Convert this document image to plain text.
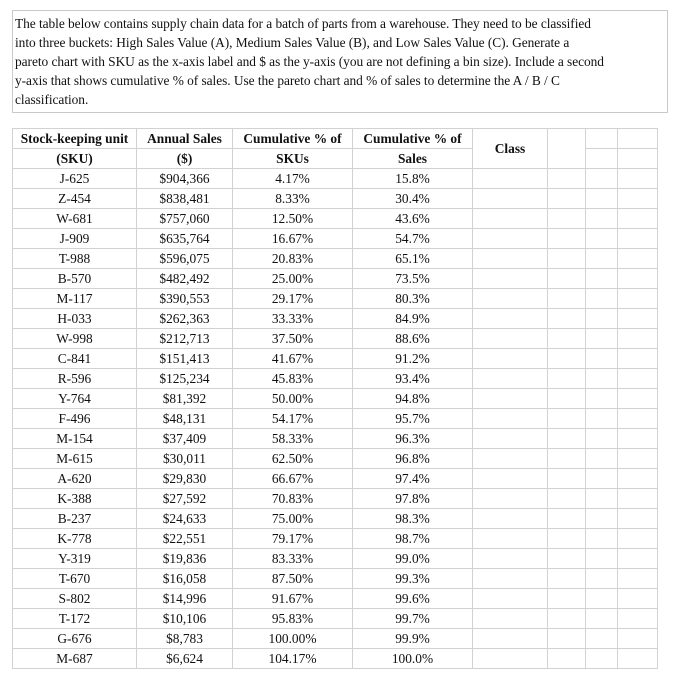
The table below contains supply chain data for a batch of parts from a warehouse. They need to be classified
into three buckets: High Sales Value (A), Medium Sales Value (B), and Low Sales Value (C). Generate a
pareto chart with SKU as the x-axis label and $ as the y-axis (you are not defining a bin size). Include a second
y-axis that shows cumulative % of sales. Use the pareto chart and % of sales to determine the A / B / C
classification.
Stock-keeping unit	Annual Sales	Cumulative % of	Cumulative % of	Class			
(SKU)	($)	SKUs	Sales				
J-625	$904,366	4.17%	15.8%				
Z-454	$838,481	8.33%	30.4%				
W-681	$757,060	12.50%	43.6%				
J-909	$635,764	16.67%	54.7%				
T-988	$596,075	20.83%	65.1%				
B-570	$482,492	25.00%	73.5%				
M-117	$390,553	29.17%	80.3%				
H-033	$262,363	33.33%	84.9%				
W-998	$212,713	37.50%	88.6%				
C-841	$151,413	41.67%	91.2%				
R-596	$125,234	45.83%	93.4%				
Y-764	$81,392	50.00%	94.8%				
F-496	$48,131	54.17%	95.7%				
M-154	$37,409	58.33%	96.3%				
M-615	$30,011	62.50%	96.8%				
A-620	$29,830	66.67%	97.4%				
K-388	$27,592	70.83%	97.8%				
B-237	$24,633	75.00%	98.3%				
K-778	$22,551	79.17%	98.7%				
Y-319	$19,836	83.33%	99.0%				
T-670	$16,058	87.50%	99.3%				
S-802	$14,996	91.67%	99.6%				
T-172	$10,106	95.83%	99.7%				
G-676	$8,783	100.00%	99.9%				
M-687	$6,624	104.17%	100.0%				
